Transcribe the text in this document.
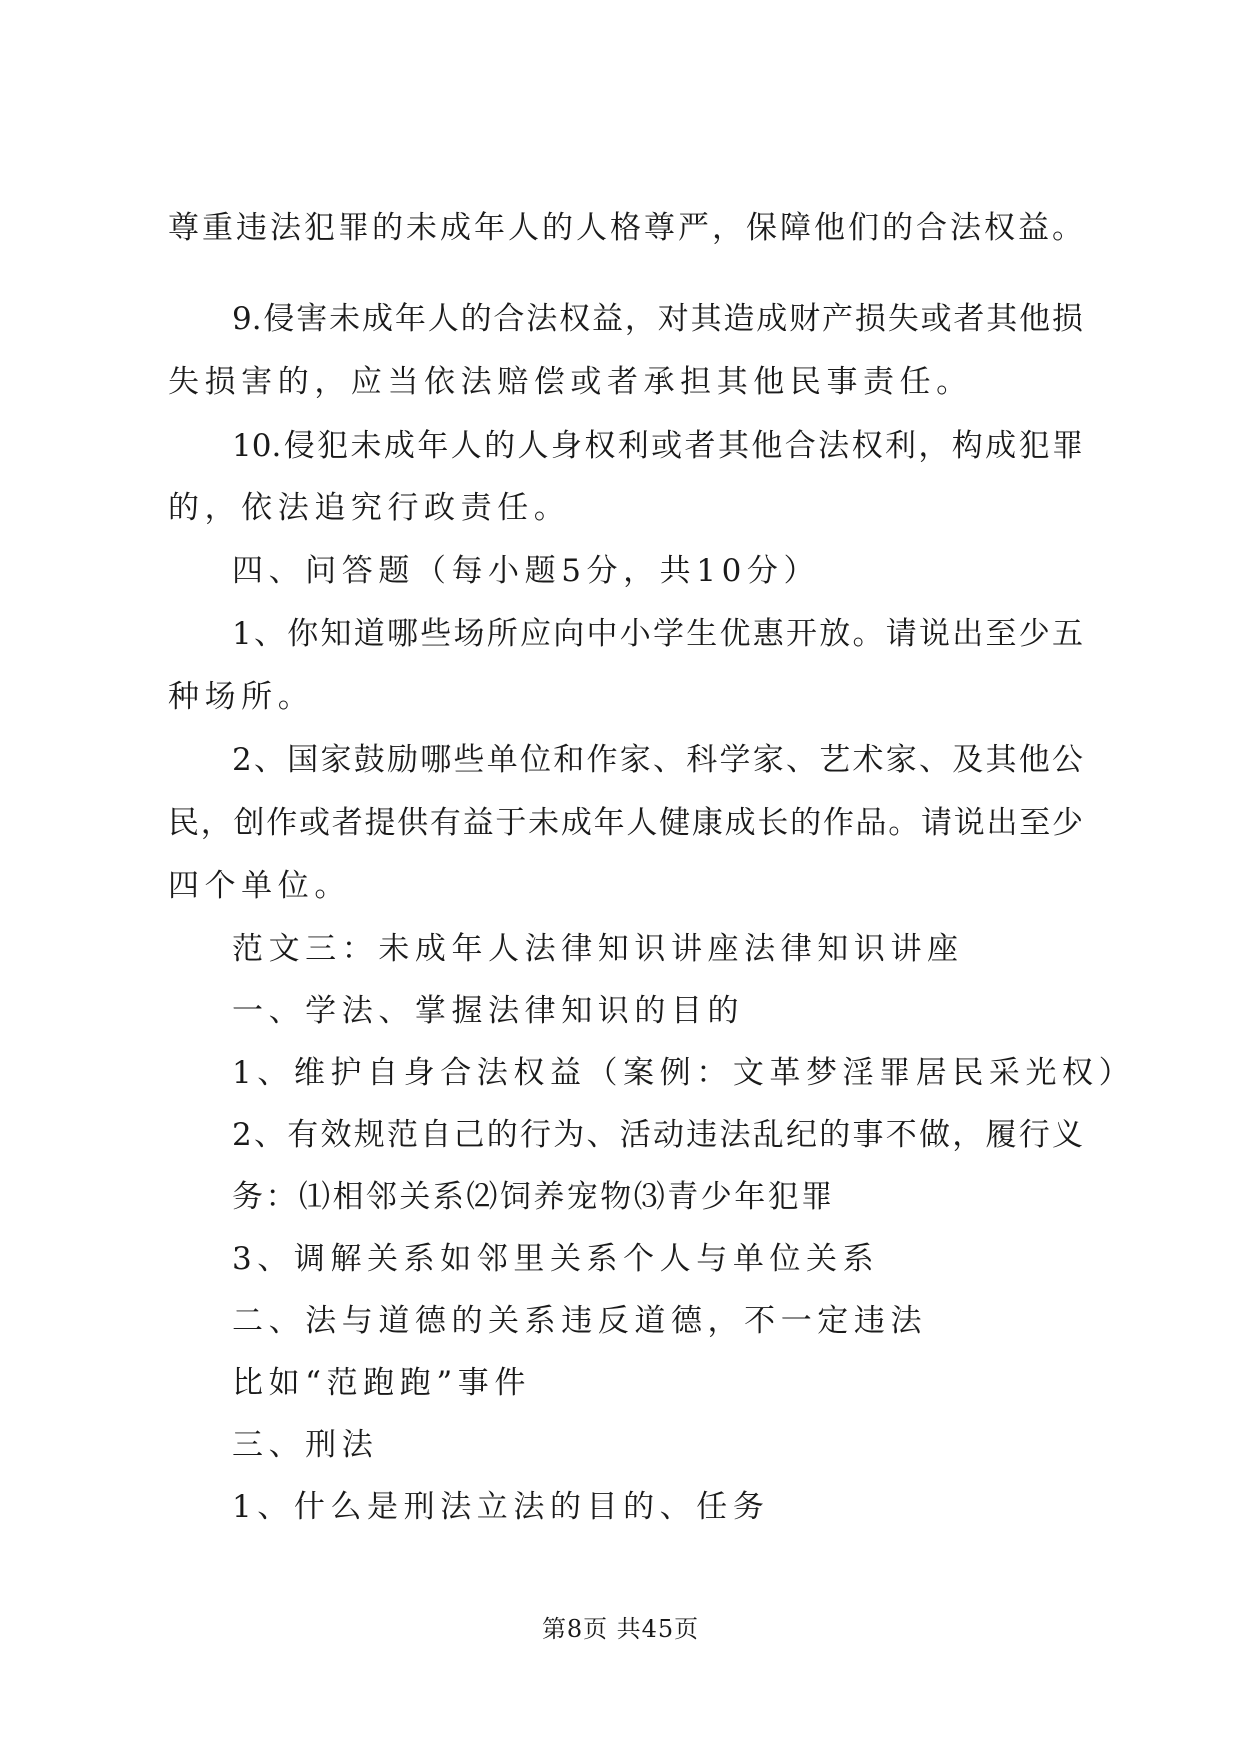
尊重违法犯罪的未成年人的人格尊严，保障他们的合法权益。
9.侵害未成年人的合法权益，对其造成财产损失或者其他损
失损害的，应当依法赔偿或者承担其他民事责任。
10.侵犯未成年人的人身权利或者其他合法权利，构成犯罪
的，依法追究行政责任。
四、问答题（每小题5分，共10分）
1、你知道哪些场所应向中小学生优惠开放。请说出至少五
种场所。
2、国家鼓励哪些单位和作家、科学家、艺术家、及其他公
民，创作或者提供有益于未成年人健康成长的作品。请说出至少
四个单位。
范文三：未成年人法律知识讲座法律知识讲座
一、学法、掌握法律知识的目的
1、维护自身合法权益（案例：文革梦淫罪居民采光权）
2、有效规范自己的行为、活动违法乱纪的事不做，履行义
务：⑴相邻关系⑵饲养宠物⑶青少年犯罪
3、调解关系如邻里关系个人与单位关系
二、法与道德的关系违反道德，不一定违法
比如“范跑跑”事件
三、刑法
1、什么是刑法立法的目的、任务
第8页 共45页
